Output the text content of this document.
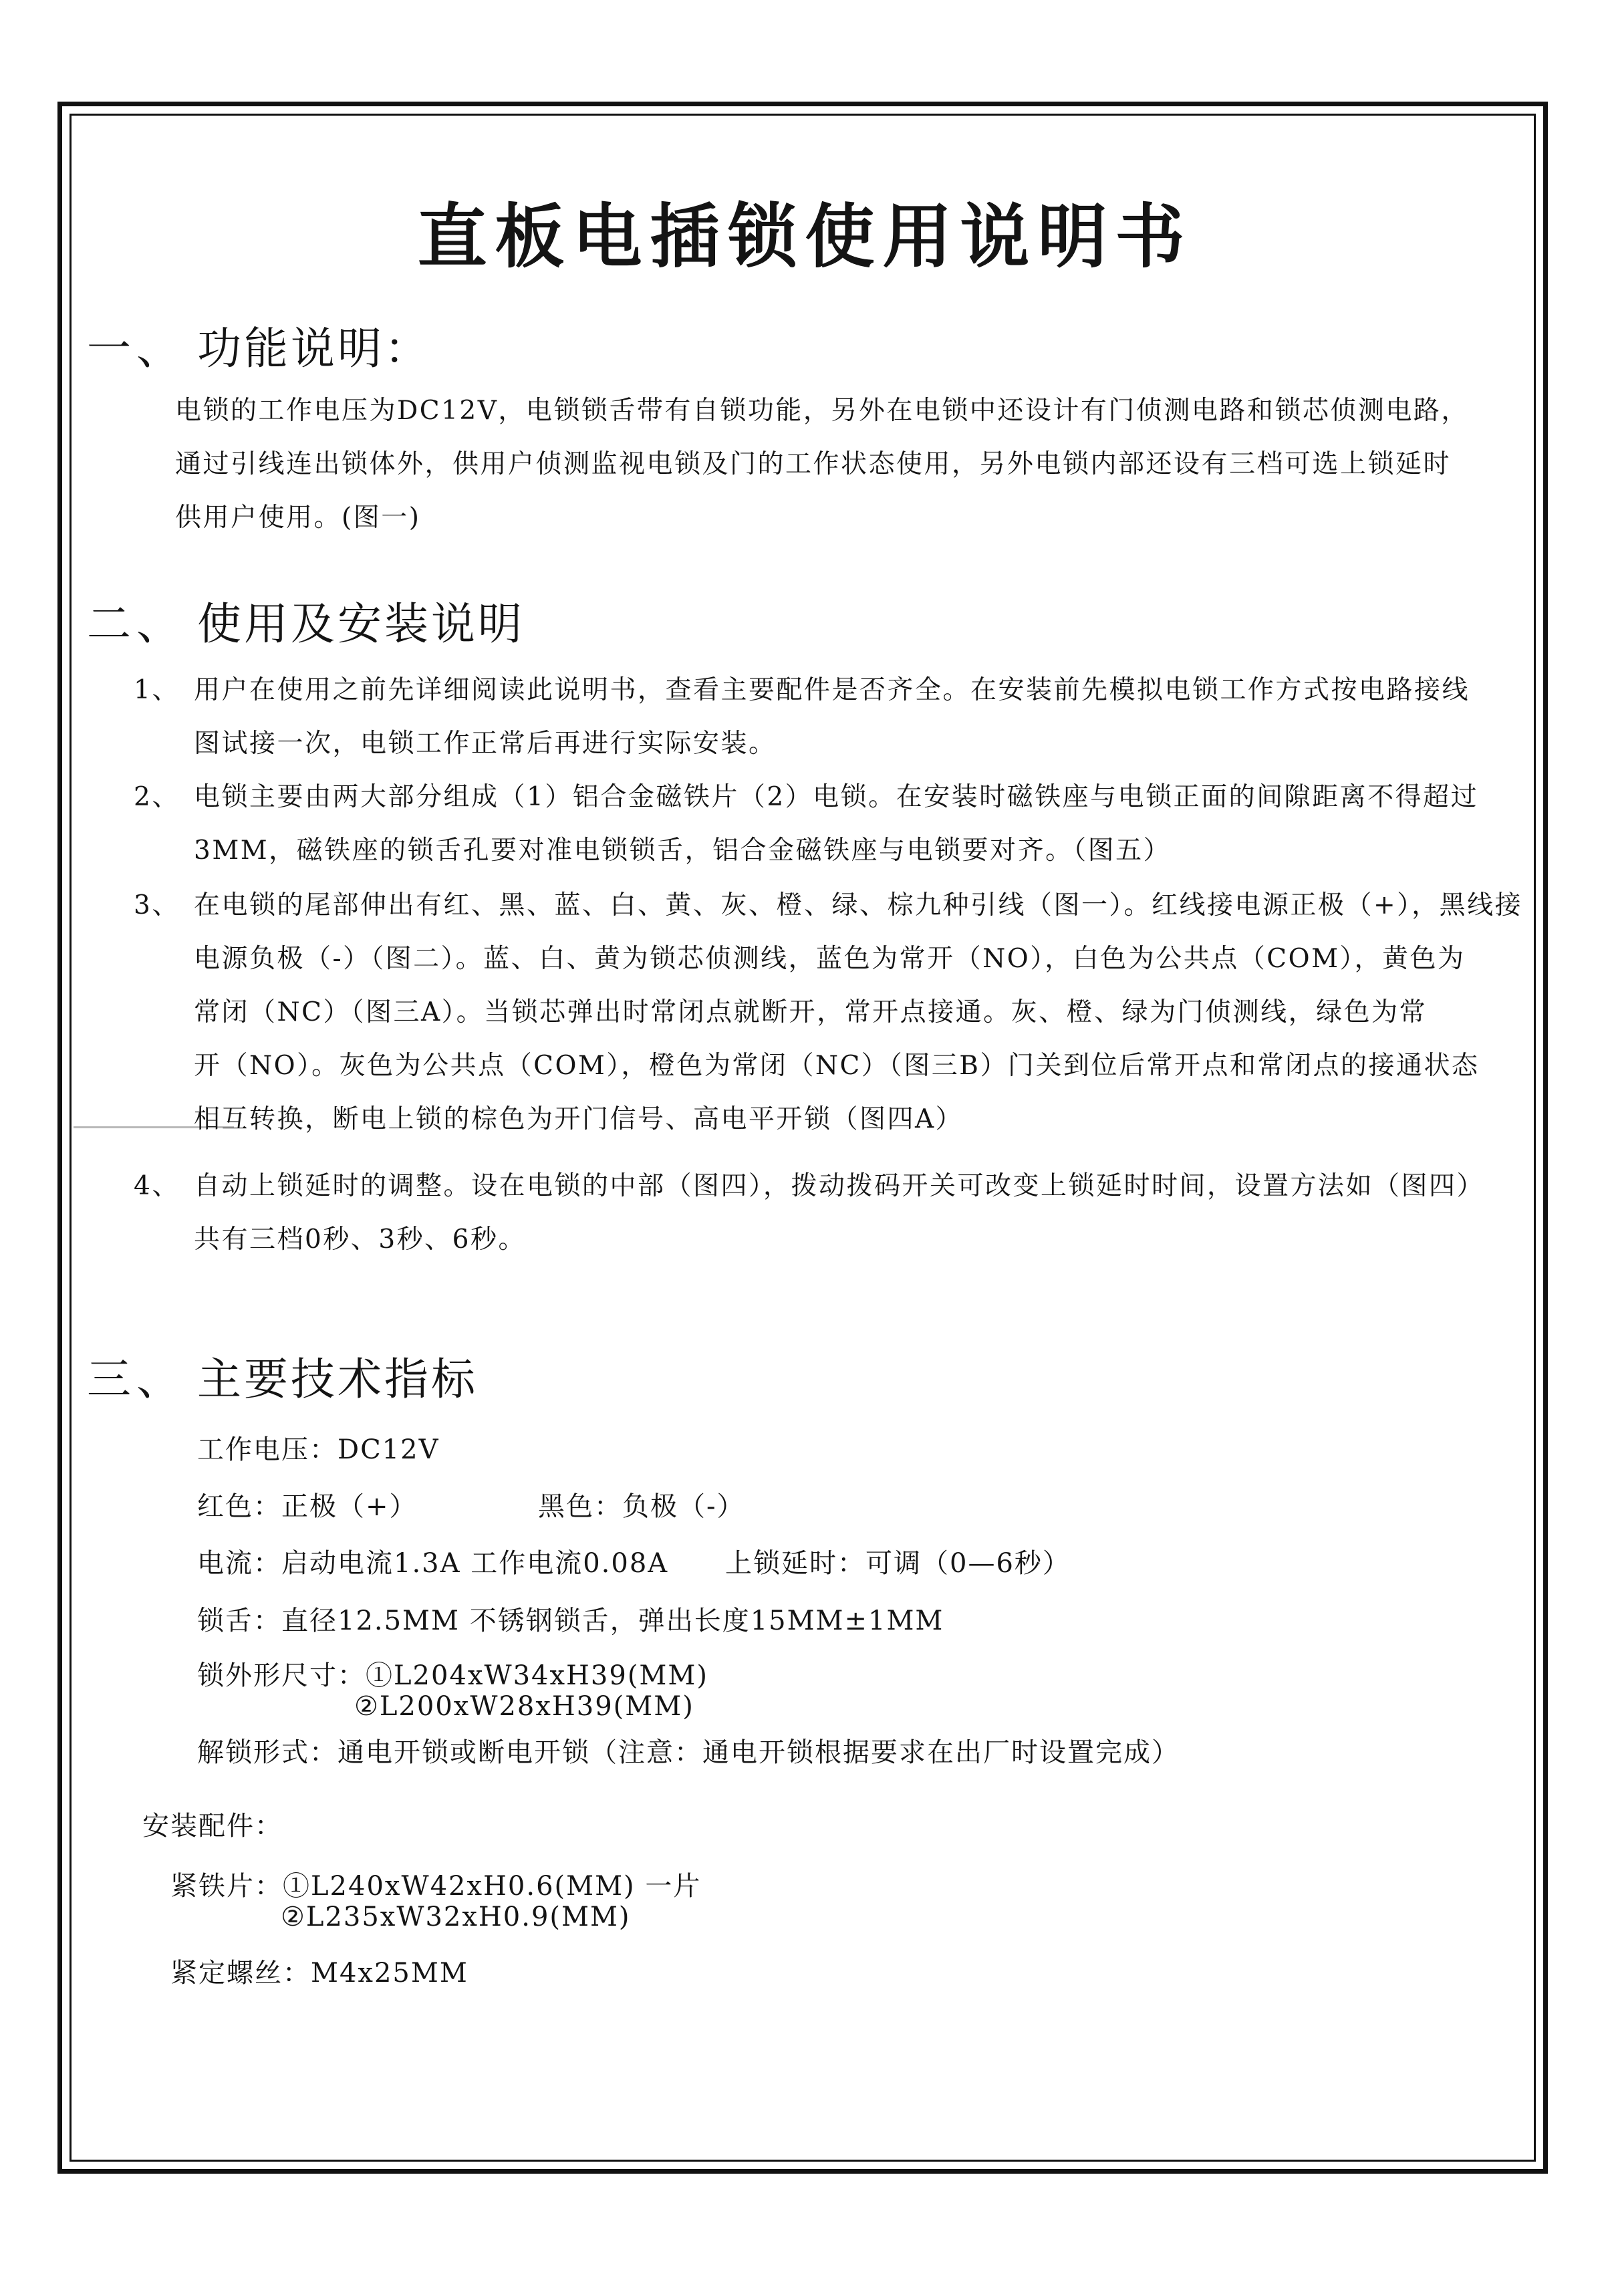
直板电插锁使用说明书
一、 功能说明：
电锁的工作电压为DC12V，电锁锁舌带有自锁功能，另外在电锁中还设计有门侦测电路和锁芯侦测电路，
通过引线连出锁体外，供用户侦测监视电锁及门的工作状态使用，另外电锁内部还设有三档可选上锁延时
供用户使用。(图一)
二、 使用及安装说明
1、 用户在使用之前先详细阅读此说明书，查看主要配件是否齐全。在安装前先模拟电锁工作方式按电路接线
图试接一次，电锁工作正常后再进行实际安装。
2、 电锁主要由两大部分组成（1）铝合金磁铁片（2）电锁。在安装时磁铁座与电锁正面的间隙距离不得超过
3MM，磁铁座的锁舌孔要对准电锁锁舌，铝合金磁铁座与电锁要对齐。（图五）
3、 在电锁的尾部伸出有红、黑、蓝、白、黄、灰、橙、绿、棕九种引线（图一）。红线接电源正极（+），黑线接
电源负极（-）（图二）。蓝、白、黄为锁芯侦测线，蓝色为常开（NO），白色为公共点（COM），黄色为
常闭（NC）（图三A）。当锁芯弹出时常闭点就断开，常开点接通。灰、橙、绿为门侦测线，绿色为常
开（NO）。灰色为公共点（COM），橙色为常闭（NC）（图三B）门关到位后常开点和常闭点的接通状态
相互转换，断电上锁的棕色为开门信号、高电平开锁（图四A）
4、 自动上锁延时的调整。设在电锁的中部（图四），拨动拨码开关可改变上锁延时时间，设置方法如（图四）
共有三档0秒、3秒、6秒。
三、 主要技术指标
工作电压：DC12V
红色：正极（+）	黑色：负极（-）
电流：启动电流1.3A 工作电流0.08A 上锁延时：可调（0—6秒）
锁舌：直径12.5MM 不锈钢锁舌，弹出长度15MM±1MM
锁外形尺寸：①L204xW34xH39(MM)
②L200xW28xH39(MM)
解锁形式：通电开锁或断电开锁（注意：通电开锁根据要求在出厂时设置完成）
安装配件：
紧铁片：①L240xW42xH0.6(MM) 一片
②L235xW32xH0.9(MM)
紧定螺丝：M4x25MM
